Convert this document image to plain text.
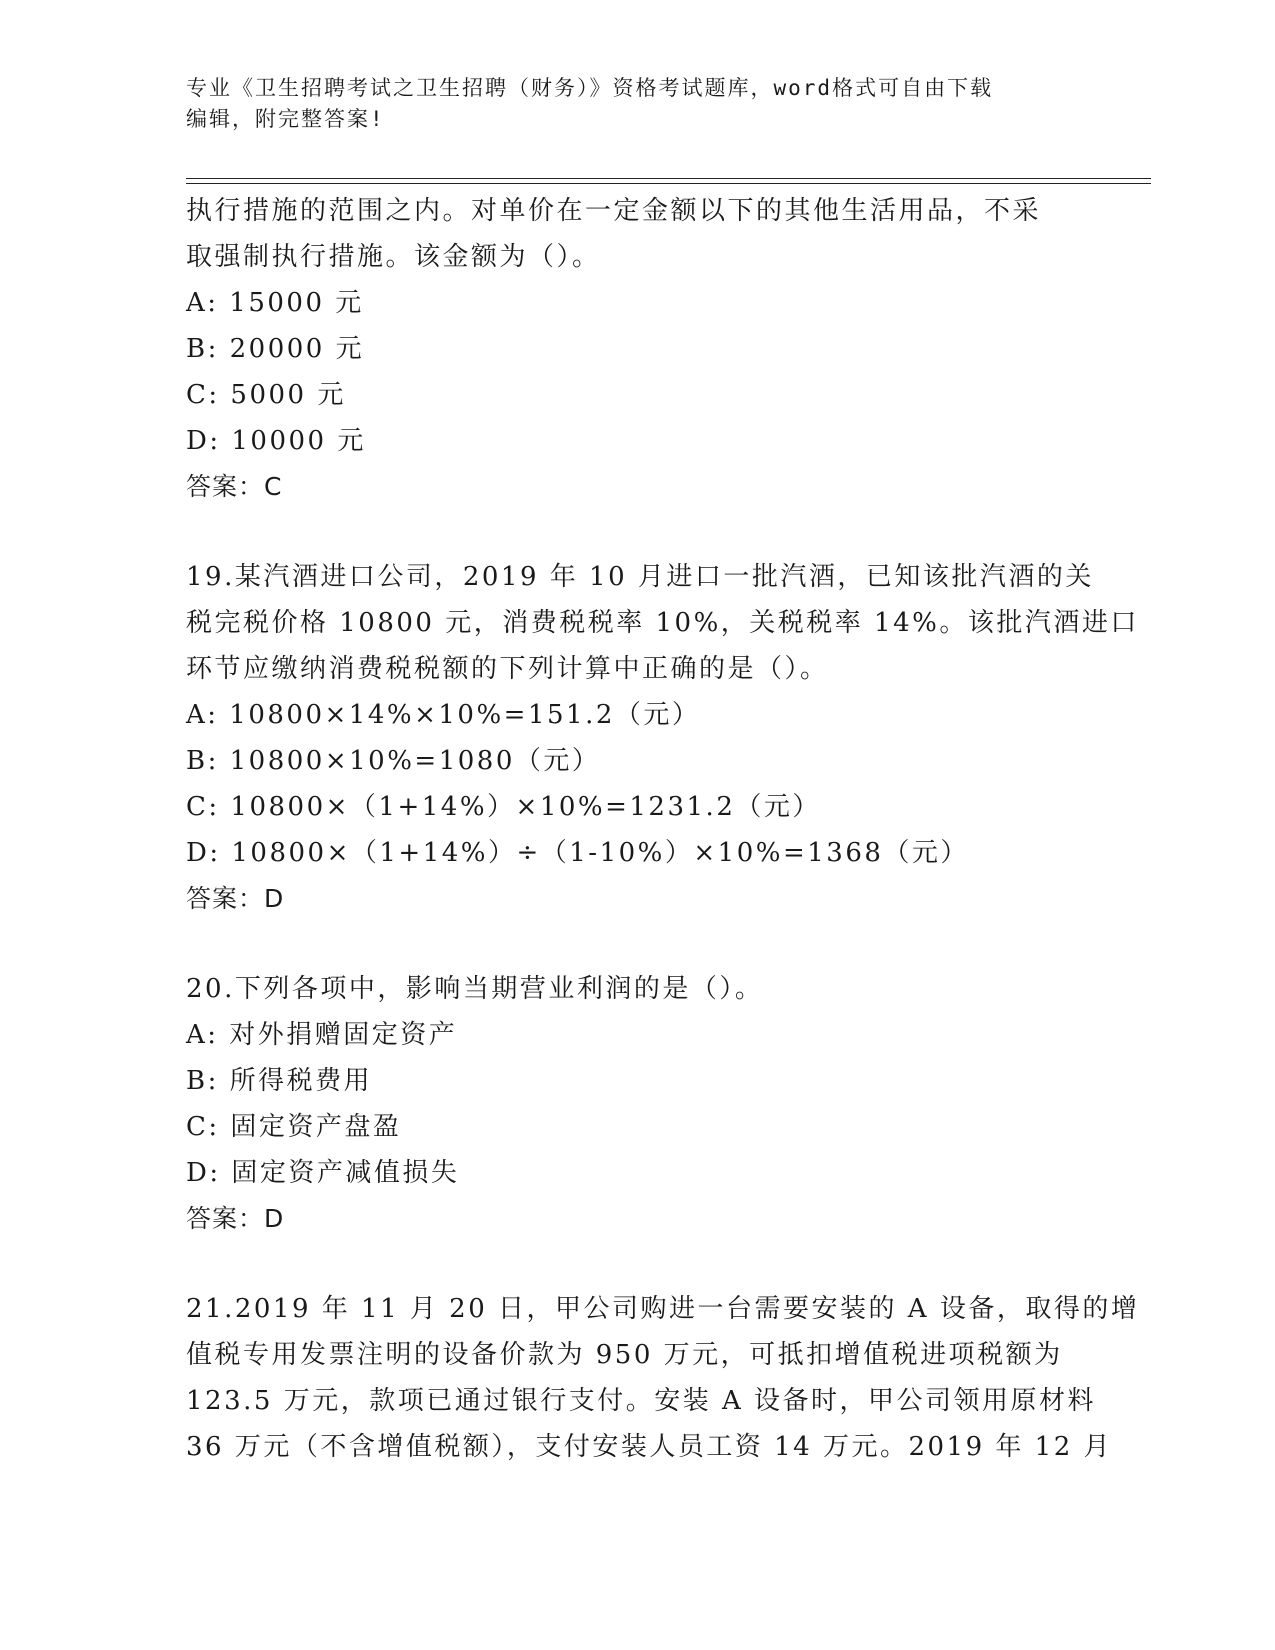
专业《卫生招聘考试之卫生招聘（财务）》资格考试题库，word格式可自由下载
编辑，附完整答案!
执行措施的范围之内。对单价在一定金额以下的其他生活用品，不采
取强制执行措施。该金额为（）。
A: 15000 元
B: 20000 元
C: 5000 元
D: 10000 元
答案：C
19.某汽酒进口公司，2019 年 10 月进口一批汽酒，已知该批汽酒的关
税完税价格 10800 元，消费税税率 10%，关税税率 14%。该批汽酒进口
环节应缴纳消费税税额的下列计算中正确的是（）。
A: 10800×14%×10%=151.2（元）
B: 10800×10%=1080（元）
C: 10800×（1+14%）×10%=1231.2（元）
D: 10800×（1+14%）÷（1-10%）×10%=1368（元）
答案：D
20.下列各项中，影响当期营业利润的是（）。
A: 对外捐赠固定资产
B: 所得税费用
C: 固定资产盘盈
D: 固定资产减值损失
答案：D
21.2019 年 11 月 20 日，甲公司购进一台需要安装的 A 设备，取得的增
值税专用发票注明的设备价款为 950 万元，可抵扣增值税进项税额为
123.5 万元，款项已通过银行支付。安装 A 设备时，甲公司领用原材料
36 万元（不含增值税额），支付安装人员工资 14 万元。2019 年 12 月
